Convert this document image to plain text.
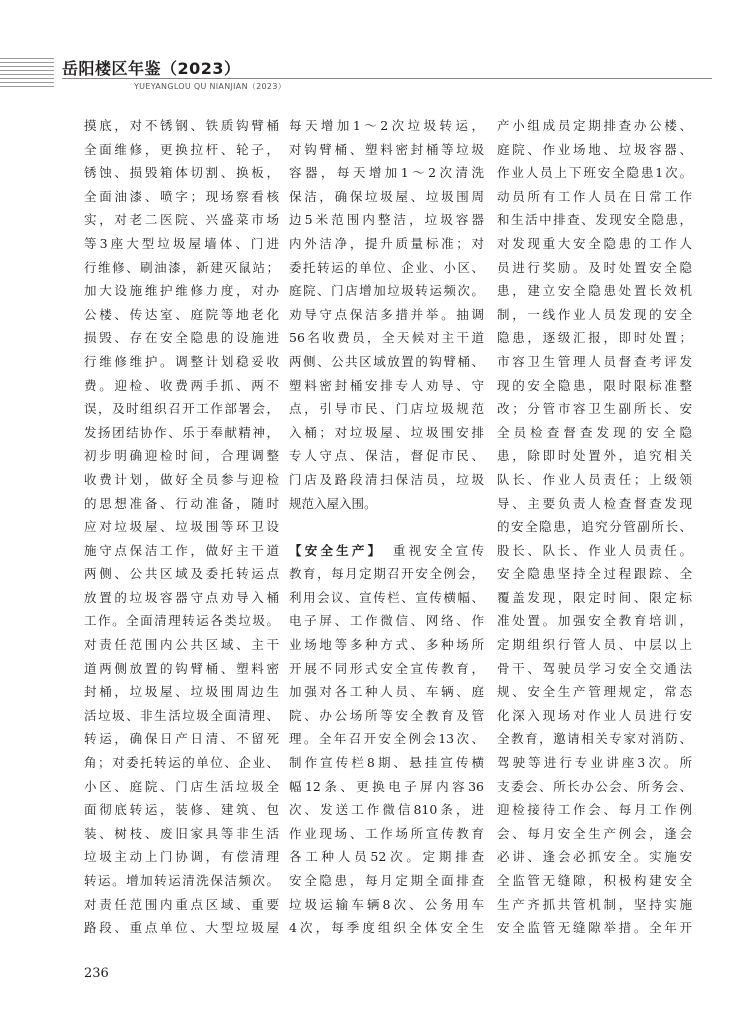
岳阳楼区年鉴（2023）
YUEYANGLOU QU NIANJIAN（2023）
摸底，对不锈钢、铁质钩臂桶
全面维修，更换拉杆、轮子，
锈蚀、损毁箱体切割、换板，
全面油漆、喷字；现场察看核
实，对老二医院、兴盛菜市场
等3座大型垃圾屋墙体、门进
行维修、刷油漆，新建灭鼠站；
加大设施维护维修力度，对办
公楼、传达室、庭院等地老化
损毁、存在安全隐患的设施进
行维修维护。调整计划稳妥收
费。迎检、收费两手抓、两不
误，及时组织召开工作部署会，
发扬团结协作、乐于奉献精神，
初步明确迎检时间，合理调整
收费计划，做好全员参与迎检
的思想准备、行动准备，随时
应对垃圾屋、垃圾围等环卫设
施守点保洁工作，做好主干道
两侧、公共区域及委托转运点
放置的垃圾容器守点劝导入桶
工作。全面清理转运各类垃圾。
对责任范围内公共区域、主干
道两侧放置的钩臂桶、塑料密
封桶，垃圾屋、垃圾围周边生
活垃圾、非生活垃圾全面清理、
转运，确保日产日清、不留死
角；对委托转运的单位、企业、
小区、庭院、门店生活垃圾全
面彻底转运，装修、建筑、包
装、树枝、废旧家具等非生活
垃圾主动上门协调，有偿清理
转运。增加转运清洗保洁频次。
对责任范围内重点区域、重要
路段、重点单位、大型垃圾屋
每天增加1～2次垃圾转运，
对钩臂桶、塑料密封桶等垃圾
容器，每天增加1～2次清洗
保洁，确保垃圾屋、垃圾围周
边5米范围内整洁，垃圾容器
内外洁净，提升质量标准；对
委托转运的单位、企业、小区、
庭院、门店增加垃圾转运频次。
劝导守点保洁多措并举。抽调
56名收费员，全天候对主干道
两侧、公共区域放置的钩臂桶、
塑料密封桶安排专人劝导、守
点，引导市民、门店垃圾规范
入桶；对垃圾屋、垃圾围安排
专人守点、保洁，督促市民、
门店及路段清扫保洁员，垃圾
规范入屋入围。
【安全生产】　重视安全宣传
教育，每月定期召开安全例会，
利用会议、宣传栏、宣传横幅、
电子屏、工作微信、网络、作
业场地等多种方式、多种场所
开展不同形式安全宣传教育，
加强对各工种人员、车辆、庭
院、办公场所等安全教育及管
理。全年召开安全例会13次、
制作宣传栏8期、悬挂宣传横
幅12条、更换电子屏内容36
次、发送工作微信810条，进
作业现场、工作场所宣传教育
各工种人员52次。定期排查
安全隐患，每月定期全面排查
垃圾运输车辆8次、公务用车
4次，每季度组织全体安全生
产小组成员定期排查办公楼、
庭院、作业场地、垃圾容器、
作业人员上下班安全隐患1次。
动员所有工作人员在日常工作
和生活中排查、发现安全隐患，
对发现重大安全隐患的工作人
员进行奖励。及时处置安全隐
患，建立安全隐患处置长效机
制，一线作业人员发现的安全
隐患，逐级汇报，即时处置；
市容卫生管理人员督查考评发
现的安全隐患，限时限标准整
改；分管市容卫生副所长、安
全员检查督查发现的安全隐
患，除即时处置外，追究相关
队长、作业人员责任；上级领
导、主要负责人检查督查发现
的安全隐患，追究分管副所长、
股长、队长、作业人员责任。
安全隐患坚持全过程跟踪、全
覆盖发现，限定时间、限定标
准处置。加强安全教育培训，
定期组织行管人员、中层以上
骨干、驾驶员学习安全交通法
规、安全生产管理规定，常态
化深入现场对作业人员进行安
全教育，邀请相关专家对消防、
驾驶等进行专业讲座3次。所
支委会、所长办公会、所务会、
迎检接待工作会、每月工作例
会、每月安全生产例会，逢会
必讲、逢会必抓安全。实施安
全监管无缝隙，积极构建安全
生产齐抓共管机制，坚持实施
安全监管无缝隙举措。全年开
236
